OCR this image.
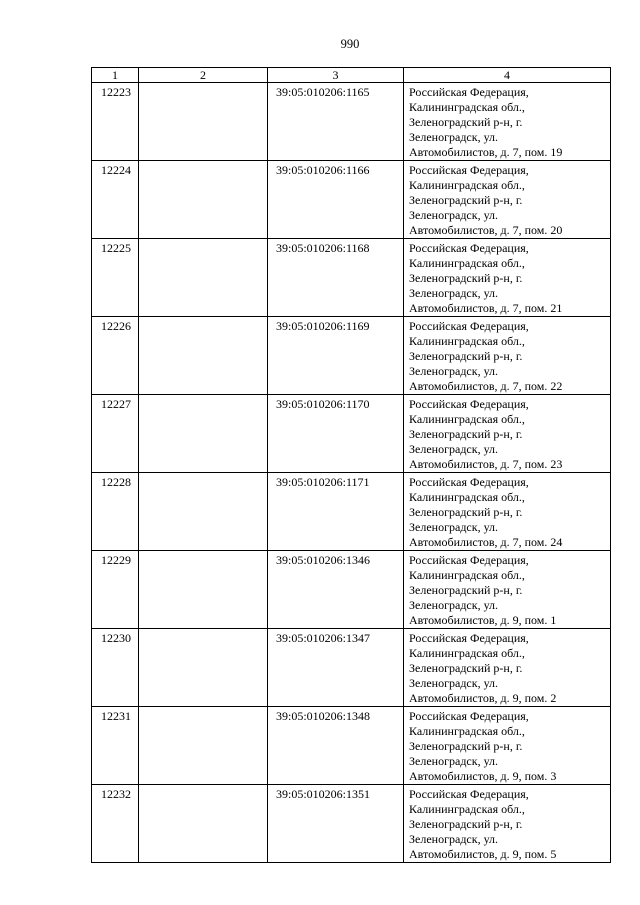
990
1	2	3	4
12223		39:05:010206:1165	Российская Федерация,
Калининградская обл.,
Зеленоградский р-н, г.
Зеленоградск, ул.
Автомобилистов, д. 7, пом. 19

12224		39:05:010206:1166	Российская Федерация,
Калининградская обл.,
Зеленоградский р-н, г.
Зеленоградск, ул.
Автомобилистов, д. 7, пом. 20

12225		39:05:010206:1168	Российская Федерация,
Калининградская обл.,
Зеленоградский р-н, г.
Зеленоградск, ул.
Автомобилистов, д. 7, пом. 21

12226		39:05:010206:1169	Российская Федерация,
Калининградская обл.,
Зеленоградский р-н, г.
Зеленоградск, ул.
Автомобилистов, д. 7, пом. 22

12227		39:05:010206:1170	Российская Федерация,
Калининградская обл.,
Зеленоградский р-н, г.
Зеленоградск, ул.
Автомобилистов, д. 7, пом. 23

12228		39:05:010206:1171	Российская Федерация,
Калининградская обл.,
Зеленоградский р-н, г.
Зеленоградск, ул.
Автомобилистов, д. 7, пом. 24

12229		39:05:010206:1346	Российская Федерация,
Калининградская обл.,
Зеленоградский р-н, г.
Зеленоградск, ул.
Автомобилистов, д. 9, пом. 1

12230		39:05:010206:1347	Российская Федерация,
Калининградская обл.,
Зеленоградский р-н, г.
Зеленоградск, ул.
Автомобилистов, д. 9, пом. 2

12231		39:05:010206:1348	Российская Федерация,
Калининградская обл.,
Зеленоградский р-н, г.
Зеленоградск, ул.
Автомобилистов, д. 9, пом. 3

12232		39:05:010206:1351	Российская Федерация,
Калининградская обл.,
Зеленоградский р-н, г.
Зеленоградск, ул.
Автомобилистов, д. 9, пом. 5
